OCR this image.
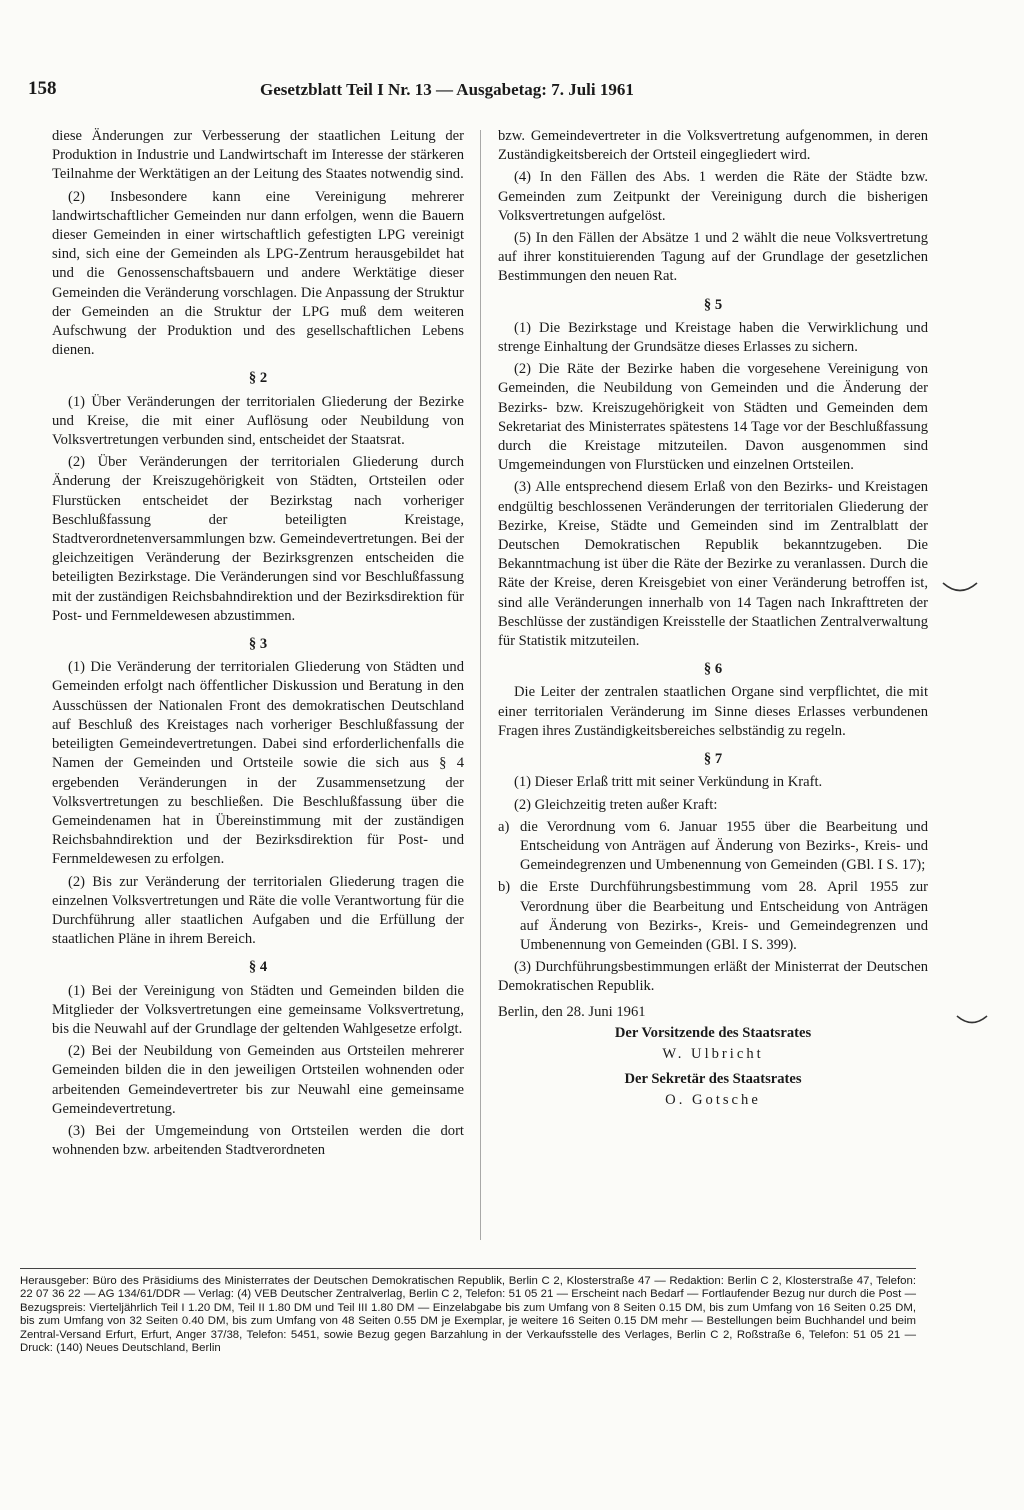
158	Gesetzblatt Teil I Nr. 13 — Ausgabetag: 7. Juli 1961

diese Änderungen zur Verbesserung der staatlichen Leitung der Produktion in Industrie und Landwirtschaft im Interesse der stärkeren Teilnahme der Werktätigen an der Leitung des Staates notwendig sind.

(2) Insbesondere kann eine Vereinigung mehrerer landwirtschaftlicher Gemeinden nur dann erfolgen, wenn die Bauern dieser Gemeinden in einer wirtschaftlich gefestigten LPG vereinigt sind, sich eine der Gemeinden als LPG-Zentrum herausgebildet hat und die Genossenschaftsbauern und andere Werktätige dieser Gemeinden die Veränderung vorschlagen. Die Anpassung der Struktur der Gemeinden an die Struktur der LPG muß dem weiteren Aufschwung der Produktion und des gesellschaftlichen Lebens dienen.

§ 2

(1) Über Veränderungen der territorialen Gliederung der Bezirke und Kreise, die mit einer Auflösung oder Neubildung von Volksvertretungen verbunden sind, entscheidet der Staatsrat.

(2) Über Veränderungen der territorialen Gliederung durch Änderung der Kreiszugehörigkeit von Städten, Ortsteilen oder Flurstücken entscheidet der Bezirkstag nach vorheriger Beschlußfassung der beteiligten Kreistage, Stadtverordnetenversammlungen bzw. Gemeindevertretungen. Bei der gleichzeitigen Veränderung der Bezirksgrenzen entscheiden die beteiligten Bezirkstage. Die Veränderungen sind vor Beschlußfassung mit der zuständigen Reichsbahndirektion und der Bezirksdirektion für Post- und Fernmeldewesen abzustimmen.

§ 3

(1) Die Veränderung der territorialen Gliederung von Städten und Gemeinden erfolgt nach öffentlicher Diskussion und Beratung in den Ausschüssen der Nationalen Front des demokratischen Deutschland auf Beschluß des Kreistages nach vorheriger Beschlußfassung der beteiligten Gemeindevertretungen. Dabei sind erforderlichenfalls die Namen der Gemeinden und Ortsteile sowie die sich aus § 4 ergebenden Veränderungen in der Zusammensetzung der Volksvertretungen zu beschließen. Die Beschlußfassung über die Gemeindenamen hat in Übereinstimmung mit der zuständigen Reichsbahndirektion und der Bezirksdirektion für Post- und Fernmeldewesen zu erfolgen.

(2) Bis zur Veränderung der territorialen Gliederung tragen die einzelnen Volksvertretungen und Räte die volle Verantwortung für die Durchführung aller staatlichen Aufgaben und die Erfüllung der staatlichen Pläne in ihrem Bereich.

§ 4

(1) Bei der Vereinigung von Städten und Gemeinden bilden die Mitglieder der Volksvertretungen eine gemeinsame Volksvertretung, bis die Neuwahl auf der Grundlage der geltenden Wahlgesetze erfolgt.

(2) Bei der Neubildung von Gemeinden aus Ortsteilen mehrerer Gemeinden bilden die in den jeweiligen Ortsteilen wohnenden oder arbeitenden Gemeindevertreter bis zur Neuwahl eine gemeinsame Gemeindevertretung.

(3) Bei der Umgemeindung von Ortsteilen werden die dort wohnenden bzw. arbeitenden Stadtverordneten

bzw. Gemeindevertreter in die Volksvertretung aufgenommen, in deren Zuständigkeitsbereich der Ortsteil eingegliedert wird.

(4) In den Fällen des Abs. 1 werden die Räte der Städte bzw. Gemeinden zum Zeitpunkt der Vereinigung durch die bisherigen Volksvertretungen aufgelöst.

(5) In den Fällen der Absätze 1 und 2 wählt die neue Volksvertretung auf ihrer konstituierenden Tagung auf der Grundlage der gesetzlichen Bestimmungen den neuen Rat.

§ 5

(1) Die Bezirkstage und Kreistage haben die Verwirklichung und strenge Einhaltung der Grundsätze dieses Erlasses zu sichern.

(2) Die Räte der Bezirke haben die vorgesehene Vereinigung von Gemeinden, die Neubildung von Gemeinden und die Änderung der Bezirks- bzw. Kreiszugehörigkeit von Städten und Gemeinden dem Sekretariat des Ministerrates spätestens 14 Tage vor der Beschlußfassung durch die Kreistage mitzuteilen. Davon ausgenommen sind Umgemeindungen von Flurstücken und einzelnen Ortsteilen.

(3) Alle entsprechend diesem Erlaß von den Bezirks- und Kreistagen endgültig beschlossenen Veränderungen der territorialen Gliederung der Bezirke, Kreise, Städte und Gemeinden sind im Zentralblatt der Deutschen Demokratischen Republik bekanntzugeben. Die Bekanntmachung ist über die Räte der Bezirke zu veranlassen. Durch die Räte der Kreise, deren Kreisgebiet von einer Veränderung betroffen ist, sind alle Veränderungen innerhalb von 14 Tagen nach Inkrafttreten der Beschlüsse der zuständigen Kreisstelle der Staatlichen Zentralverwaltung für Statistik mitzuteilen.

§ 6

Die Leiter der zentralen staatlichen Organe sind verpflichtet, die mit einer territorialen Veränderung im Sinne dieses Erlasses verbundenen Fragen ihres Zuständigkeitsbereiches selbständig zu regeln.

§ 7

(1) Dieser Erlaß tritt mit seiner Verkündung in Kraft.

(2) Gleichzeitig treten außer Kraft:

a) die Verordnung vom 6. Januar 1955 über die Bearbeitung und Entscheidung von Anträgen auf Änderung von Bezirks-, Kreis- und Gemeindegrenzen und Umbenennung von Gemeinden (GBl. I S. 17);
b) die Erste Durchführungsbestimmung vom 28. April 1955 zur Verordnung über die Bearbeitung und Entscheidung von Anträgen auf Änderung von Bezirks-, Kreis- und Gemeindegrenzen und Umbenennung von Gemeinden (GBl. I S. 399).

(3) Durchführungsbestimmungen erläßt der Ministerrat der Deutschen Demokratischen Republik.

Berlin, den 28. Juni 1961

Der Vorsitzende des Staatsrates
W. Ulbricht
Der Sekretär des Staatsrates
O. Gotsche
Herausgeber: Büro des Präsidiums des Ministerrates der Deutschen Demokratischen Republik, Berlin C 2, Klosterstraße 47 — Redaktion: Berlin C 2, Klosterstraße 47, Telefon: 22 07 36 22 — AG 134/61/DDR — Verlag: (4) VEB Deutscher Zentralverlag, Berlin C 2, Telefon: 51 05 21 — Erscheint nach Bedarf — Fortlaufender Bezug nur durch die Post — Bezugspreis: Vierteljährlich Teil I 1.20 DM, Teil II 1.80 DM und Teil III 1.80 DM — Einzelabgabe bis zum Umfang von 8 Seiten 0.15 DM, bis zum Umfang von 16 Seiten 0.25 DM, bis zum Umfang von 32 Seiten 0.40 DM, bis zum Umfang von 48 Seiten 0.55 DM je Exemplar, je weitere 16 Seiten 0.15 DM mehr — Bestellungen beim Buchhandel und beim Zentral-Versand Erfurt, Erfurt, Anger 37/38, Telefon: 5451, sowie Bezug gegen Barzahlung in der Verkaufsstelle des Verlages, Berlin C 2, Roßstraße 6, Telefon: 51 05 21 — Druck: (140) Neues Deutschland, Berlin
